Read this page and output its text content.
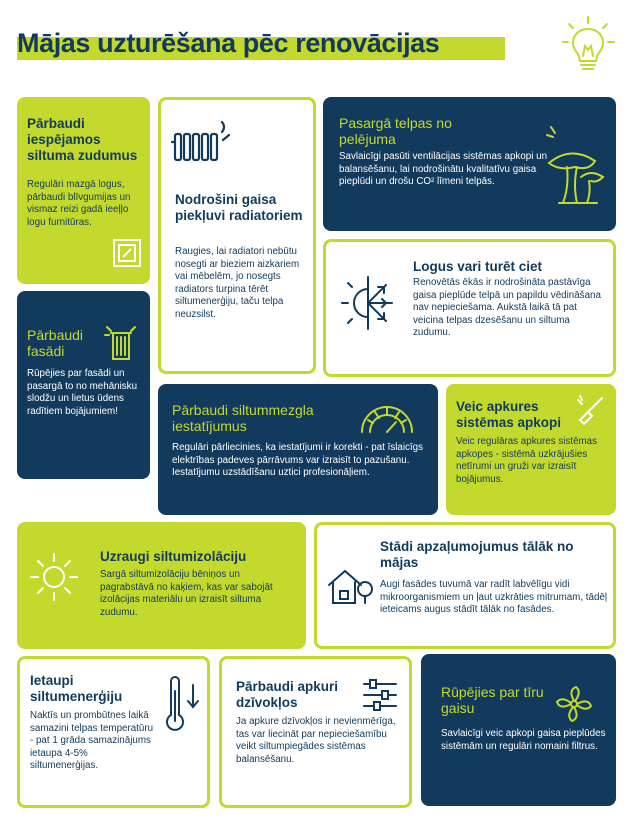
Mājas uzturēšana pēc renovācijas
Pārbaudi iespējamos siltuma zudumus

Regulāri mazgā logus, pārbaudi blīvgumijas un vismaz reizi gadā ieeļļo logu furnitūras.

Nodrošini gaisa piekļuvi radiatoriem

Raugies, lai radiatori nebūtu nosegti ar bieziem aizkariem vai mēbelēm, jo nosegts radiators turpina tērēt siltumenerģiju, taču telpa neuzsilst.

Pasargā telpas no pelējuma

Savlaicīgi pasūti ventilācijas sistēmas apkopi un balansēšanu, lai nodrošinātu kvalitatīvu gaisa pieplūdi un drošu CO² līmeni telpās.

Logus vari turēt ciet

Renovētās ēkās ir nodrošināta pastāvīga gaisa pieplūde telpā un papildu vēdināšana nav nepieciešama. Aukstā laikā tā pat veicina telpas dzesēšanu un siltuma zudumu.

Pārbaudi fasādi

Rūpējies par fasādi un pasargā to no mehānisku slodžu un lietus ūdens radītiem bojājumiem!	Pārbaudi siltummezgla iestatījumus

Regulāri pārliecinies, ka iestatījumi ir korekti - pat īslaicīgs elektrības padeves pārrāvums var izraisīt to pazušanu. Iestatījumu uzstādīšanu uztici profesionāļiem.

Veic apkures sistēmas apkopi

Veic regulāras apkures sistēmas apkopes - sistēmā uzkrājušies netīrumi un gruži var izraisīt bojājumus.

Uzraugi siltumizolāciju

Sargā siltumizolāciju bēniņos un pagrabstāvā no kaķiem, kas var sabojāt izolācijas materiālu un izraisīt siltuma zudumu.

Stādi apzaļumojumus tālāk no mājas

Augi fasādes tuvumā var radīt labvēlīgu vidi mikroorganismiem un ļaut uzkrāties mitrumam, tādēļ ieteicams augus stādīt tālāk no fasādes.

Ietaupi siltumenerģiju

Naktīs un prombūtnes laikā samazini telpas temperatūru - pat 1 grāda samazinājums ietaupa 4-5% siltumenerģijas.

Pārbaudi apkuri dzīvokļos

Ja apkure dzīvokļos ir nevienmērīga, tas var liecināt par nepieciešamību veikt siltumpiegādes sistēmas balansēšanu.

Rūpējies par tīru gaisu

Savlaicīgi veic apkopi gaisa pieplūdes sistēmām un regulāri nomaini filtrus.
